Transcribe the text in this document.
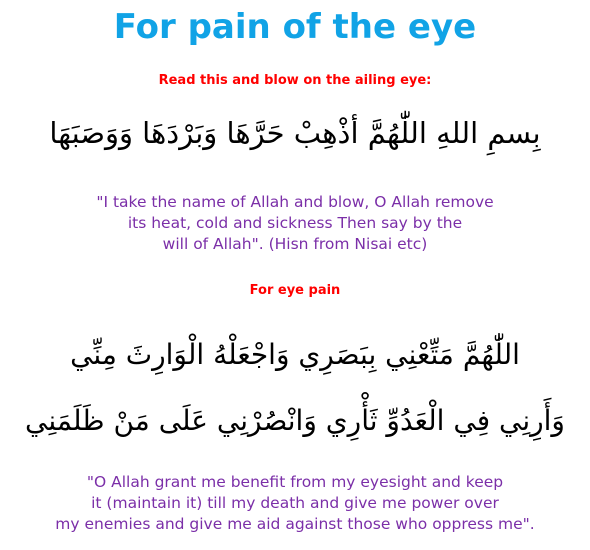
For pain of the eye
Read this and blow on the ailing eye:
بِسمِ اللهِ اللّٰهُمَّ أذْهِبْ حَرَّهَا وَبَرْدَهَا وَوَصَبَهَا
"I take the name of Allah and blow, O Allah remove
its heat, cold and sickness Then say by the
will of Allah". (Hisn from Nisai etc)
For eye pain
اللّٰهُمَّ مَتِّعْنِي بِبَصَرِي وَاجْعَلْهُ الْوَارِثَ مِنِّي
وَأَرِنِي فِي الْعَدُوِّ ثَأْرِي وَانْصُرْنِي عَلَى مَنْ ظَلَمَنِي
"O Allah grant me benefit from my eyesight and keep
it (maintain it) till my death and give me power over
my enemies and give me aid against those who oppress me".
